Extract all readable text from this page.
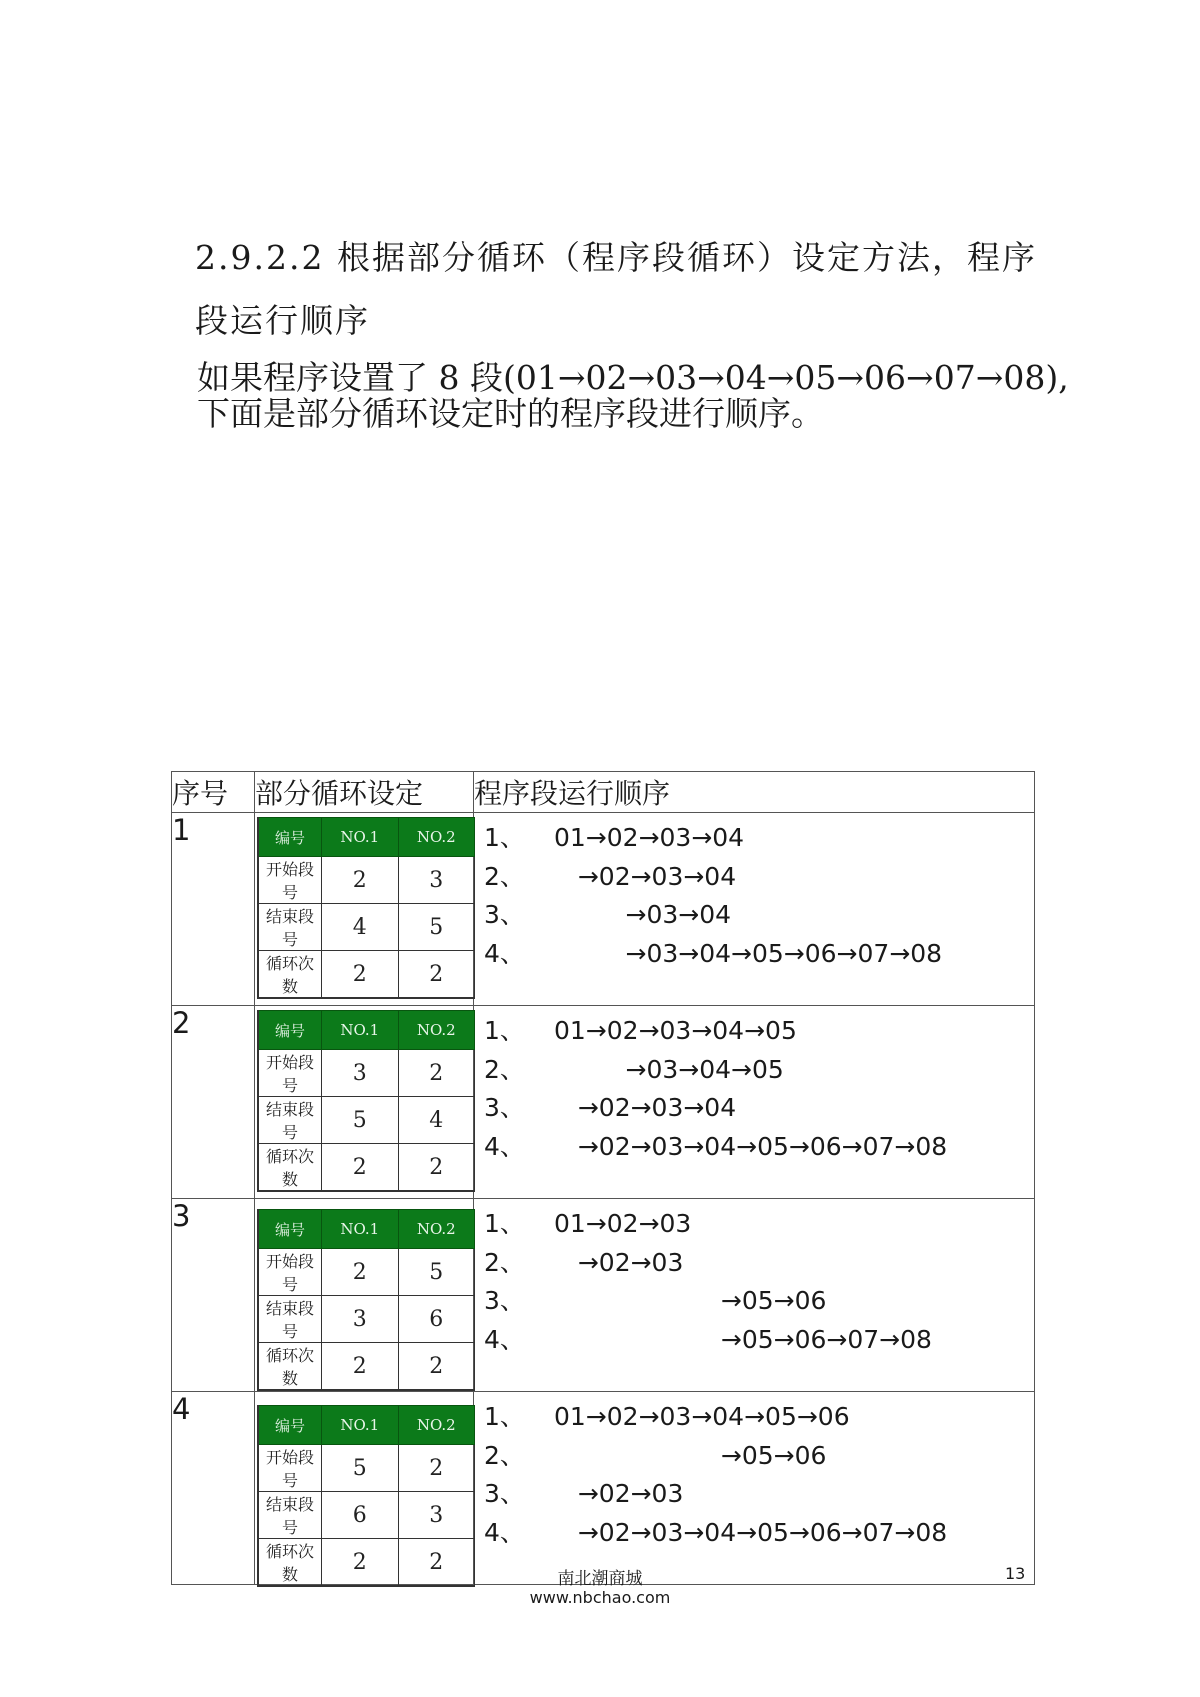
2.9.2.2 根据部分循环（程序段循环）设定方法，程序
段运行顺序
如果程序设置了 8 段(01→02→03→04→05→06→07→08),
下面是部分循环设定时的程序段进行顺序。
序号	部分循环设定	程序段运行顺序
1		编号	NO.1	NO.2
开始段号	2	3
结束段号	4	5
循环次数	2	2

1、	01→02→03→04
2、	→02→03→04
3、	→03→04
4、	→03→04→05→06→07→08

2		编号	NO.1	NO.2
开始段号	3	2
结束段号	5	4
循环次数	2	2

1、	01→02→03→04→05
2、	→03→04→05
3、	→02→03→04
4、	→02→03→04→05→06→07→08

3		编号	NO.1	NO.2
开始段号	2	5
结束段号	3	6
循环次数	2	2

1、	01→02→03
2、	→02→03
3、	→05→06
4、	→05→06→07→08

4		编号	NO.1	NO.2
开始段号	5	2
结束段号	6	3
循环次数	2	2

1、	01→02→03→04→05→06
2、	→05→06
3、	→02→03
4、	→02→03→04→05→06→07→08
南北潮商城
www.nbchao.com
13
